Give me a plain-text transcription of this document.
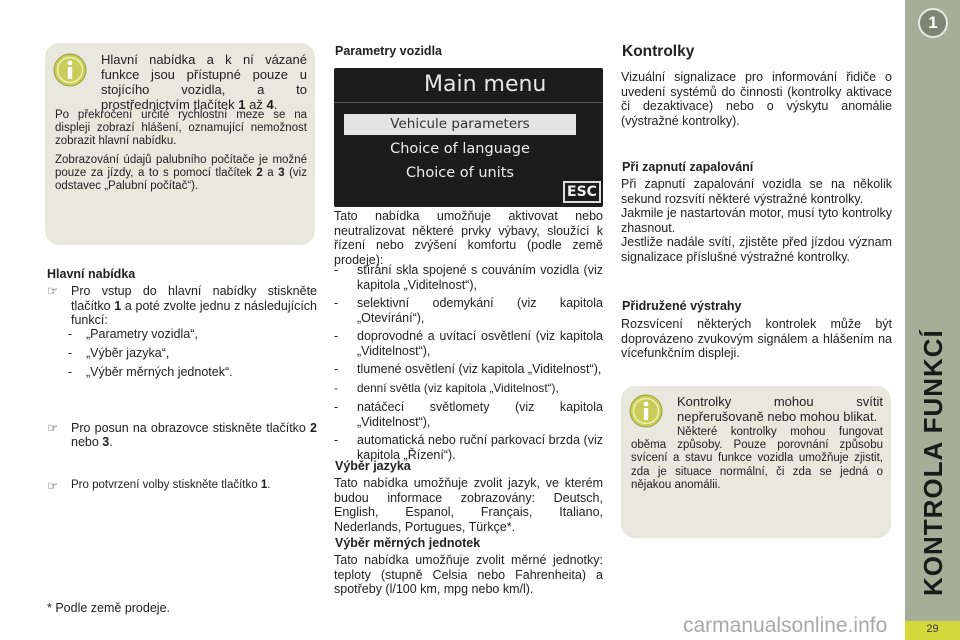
Hlavní nabídka a k ní vázané funkce jsou přístupné pouze u stojícího vozidla, a to prostřednictvím tlačítek 1 až 4.

Po překročení určité rychlostní meze se na displeji zobrazí hlášení, oznamující nemožnost zobrazit hlavní nabídku.

Zobrazování údajů palubního počítače je možné pouze za jízdy, a to s pomocí tlačítek 2 a 3 (viz odstavec „Palubní počítač“).

Hlavní nabídka
☞ Pro vstup do hlavní nabídky stiskněte tlačítko 1 a poté zvolte jednu z následujících funkcí:
- „Parametry vozidla“,
- „Výběr jazyka“,
- „Výběr měrných jednotek“.
☞ Pro posun na obrazovce stiskněte tlačítko 2 nebo 3.
☞ Pro potvrzení volby stiskněte tlačítko 1.
* Podle země prodeje.
Parametry vozidla
Main menu
Vehicule parameters
Choice of language
Choice of units
ESC

Tato nabídka umožňuje aktivovat nebo neutralizovat některé prvky výbavy, sloužící k řízení nebo zvýšení komfortu (podle země prodeje):

- stírání skla spojené s couváním vozidla (viz kapitola „Viditelnost“),
- selektivní odemykání (viz kapitola „Otevírání“),
- doprovodné a uvítací osvětlení (viz kapitola „Viditelnost“),
- tlumené osvětlení (viz kapitola „Viditelnost“),
- denní světla (viz kapitola „Viditelnost“),
- natáčecí světlomety (viz kapitola „Viditelnost“),
- automatická nebo ruční parkovací brzda (viz kapitola „Řízení“).
Výběr jazyka

Tato nabídka umožňuje zvolit jazyk, ve kterém budou informace zobrazovány: Deutsch, English, Espanol, Français, Italiano, Nederlands, Portugues, Türkçe*.

Výběr měrných jednotek

Tato nabídka umožňuje zvolit měrné jednotky: teploty (stupně Celsia nebo Fahrenheita) a spotřeby (l/100 km, mpg nebo km/l).

Kontrolky

Vizuální signalizace pro informování řidiče o uvedení systémů do činnosti (kontrolky aktivace či dezaktivace) nebo o výskytu anomálie (výstražné kontrolky).

Při zapnutí zapalování

Při zapnutí zapalování vozidla se na několik sekund rozsvítí některé výstražné kontrolky.

Jakmile je nastartován motor, musí tyto kontrolky zhasnout.

Jestliže nadále svítí, zjistěte před jízdou význam signalizace příslušné výstražné kontrolky.

Přidružené výstrahy

Rozsvícení některých kontrolek může být doprovázeno zvukovým signálem a hlášením na vícefunkčním displeji.

Kontrolky mohou svítit nepřerušovaně nebo mohou blikat.

Některé kontrolky mohou fungovat oběma způsoby. Pouze porovnání způsobu svícení a stavu funkce vozidla umožňuje zjistit, zda je situace normální, či zda se jedná o nějakou anomálii.

1
KONTROLA FUNKCÍ
29
carmanualsonline.info
